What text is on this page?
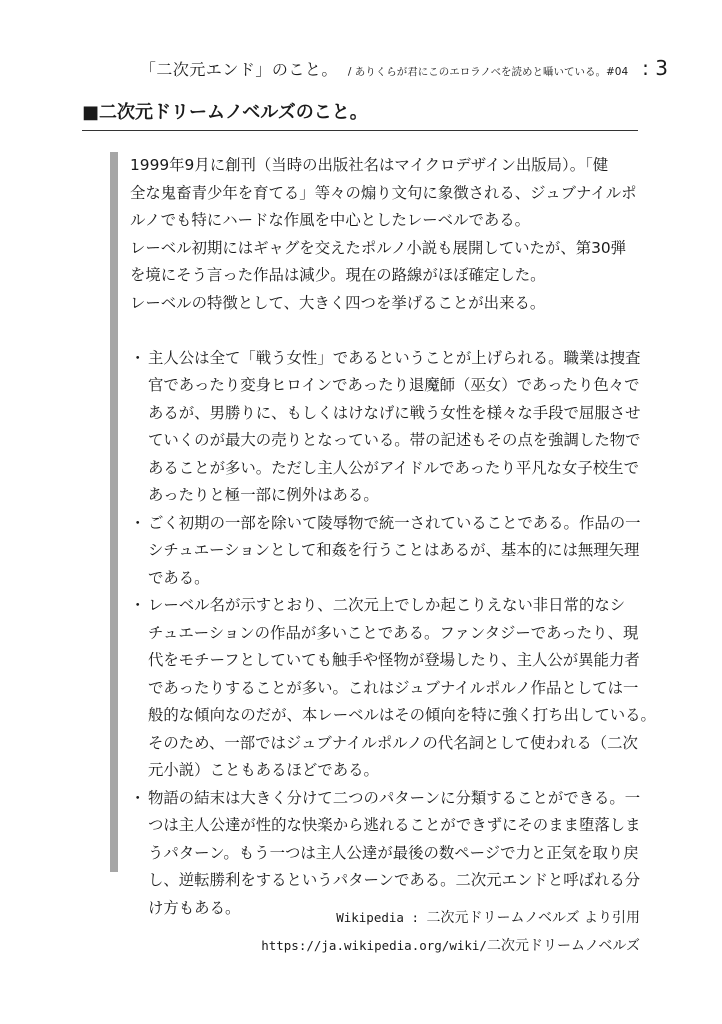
「二次元エンド」のこと。 / ありくらが君にこのエロラノベを読めと囁いている。#04 : 3
■二次元ドリームノベルズのこと。
1999年9月に創刊（当時の出版社名はマイクロデザイン出版局）。「健
全な鬼畜青少年を育てる」等々の煽り文句に象徴される、ジュブナイルポ
ルノでも特にハードな作風を中心としたレーベルである。
レーベル初期にはギャグを交えたポルノ小説も展開していたが、第30弾
を境にそう言った作品は減少。現在の路線がほぼ確定した。
レーベルの特徴として、大きく四つを挙げることが出来る。
・ 主人公は全て「戦う女性」であるということが上げられる。職業は捜査
官であったり変身ヒロインであったり退魔師（巫女）であったり色々で
あるが、男勝りに、もしくはけなげに戦う女性を様々な手段で屈服させ
ていくのが最大の売りとなっている。帯の記述もその点を強調した物で
あることが多い。ただし主人公がアイドルであったり平凡な女子校生で
あったりと極一部に例外はある。
・ ごく初期の一部を除いて陵辱物で統一されていることである。作品の一
シチュエーションとして和姦を行うことはあるが、基本的には無理矢理
である。
・ レーベル名が示すとおり、二次元上でしか起こりえない非日常的なシ
チュエーションの作品が多いことである。ファンタジーであったり、現
代をモチーフとしていても触手や怪物が登場したり、主人公が異能力者
であったりすることが多い。これはジュブナイルポルノ作品としては一
般的な傾向なのだが、本レーベルはその傾向を特に強く打ち出している。
そのため、一部ではジュブナイルポルノの代名詞として使われる（二次
元小説）こともあるほどである。
・ 物語の結末は大きく分けて二つのパターンに分類することができる。一
つは主人公達が性的な快楽から逃れることができずにそのまま堕落しま
うパターン。もう一つは主人公達が最後の数ページで力と正気を取り戻
し、逆転勝利をするというパターンである。二次元エンドと呼ばれる分
け方もある。
Wikipedia : 二次元ドリームノベルズ より引用
https://ja.wikipedia.org/wiki/二次元ドリームノベルズ
